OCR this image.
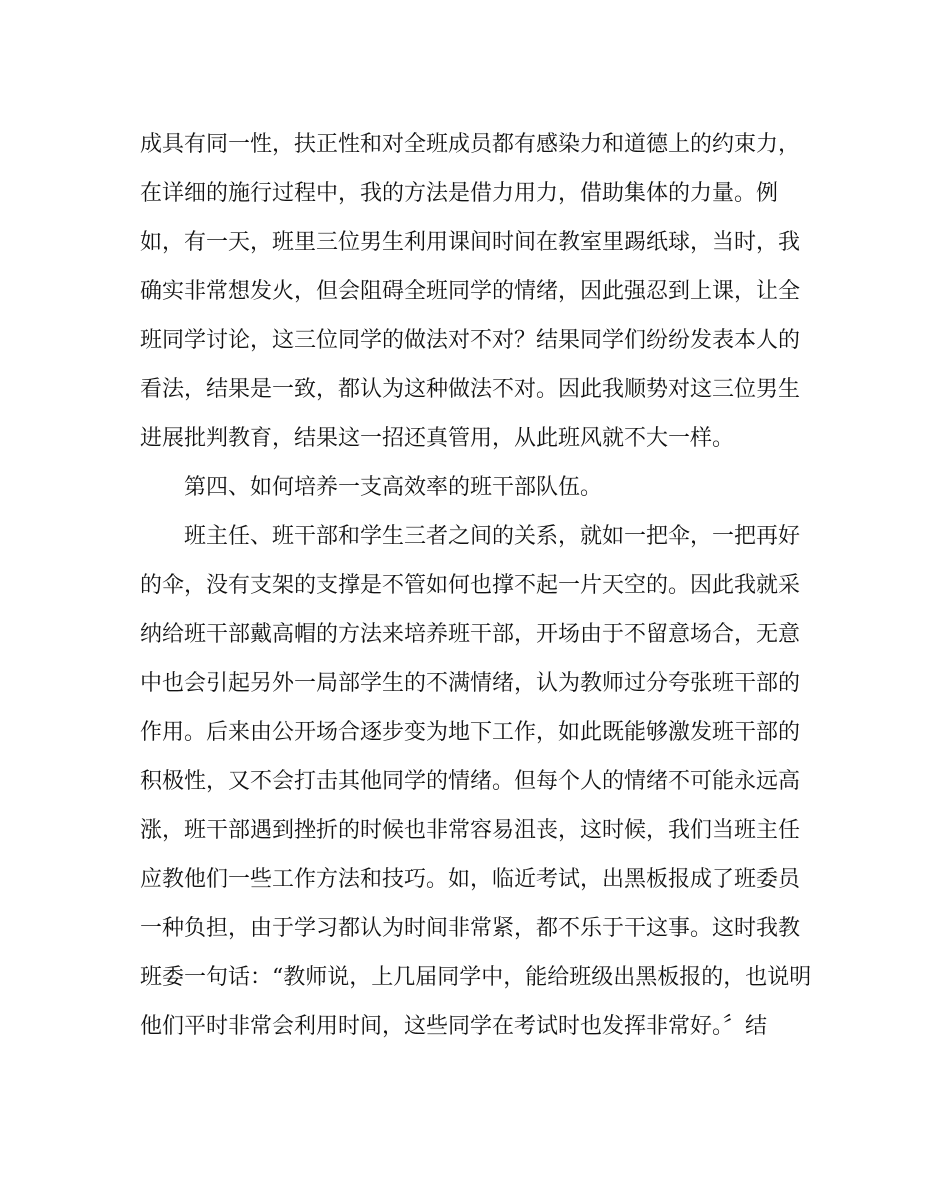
成具有同一性，扶正性和对全班成员都有感染力和道德上的约束力，

在详细的施行过程中，我的方法是借力用力，借助集体的力量。例

如，有一天，班里三位男生利用课间时间在教室里踢纸球，当时，我

确实非常想发火，但会阻碍全班同学的情绪，因此强忍到上课，让全

班同学讨论，这三位同学的做法对不对？结果同学们纷纷发表本人的

看法，结果是一致，都认为这种做法不对。因此我顺势对这三位男生

进展批判教育，结果这一招还真管用，从此班风就不大一样。

第四、如何培养一支高效率的班干部队伍。

班主任、班干部和学生三者之间的关系，就如一把伞，一把再好

的伞，没有支架的支撑是不管如何也撑不起一片天空的。因此我就采

纳给班干部戴高帽的方法来培养班干部，开场由于不留意场合，无意

中也会引起另外一局部学生的不满情绪，认为教师过分夸张班干部的

作用。后来由公开场合逐步变为地下工作，如此既能够激发班干部的

积极性，又不会打击其他同学的情绪。但每个人的情绪不可能永远高

涨，班干部遇到挫折的时候也非常容易沮丧，这时候，我们当班主任

应教他们一些工作方法和技巧。如，临近考试，出黑板报成了班委员

一种负担，由于学习都认为时间非常紧，都不乐于干这事。这时我教

班委一句话：“教师说，上几届同学中，能给班级出黑板报的，也说明

他们平时非常会利用时间，这些同学在考试时也发挥非常好。〞结
